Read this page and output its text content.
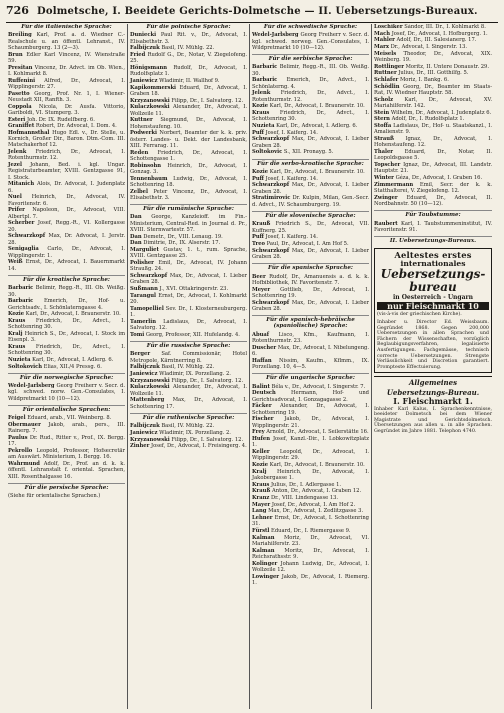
726 Dolmetsche, I. Beeidete Gerichts-Dolmetsche — II. Uebersetzungs-Bureaux.
Für die italienische Sprache:
Breiling Karl, Prof. a. d. Wiedner C.-Realschule u. an öffentl. Lehranst., IV. Schaumburgerg. 13 (2—3).
Brun Edler Karl Vincenz, IV. Wienstraße 59.
Presitan Vincenz, Dr. Advct. im Ob. Wien., I. Kohlmarkt 8.
Ruffenini Alfred, Dr., Advocat, I. Wipplingerstr. 27.
Pasetto Georg, Prof. Nr. 1, I. Wiener-Neustadt XII, Ranfth. 3.
Coppola Nicola, Dr. Ausfa. Vittorio, Gariboldi, VI. Stumperg. 3.
Esteri Joh. Dr. IX. Rudelfberg. 6.
Graniffet Robert, Dr. Advocat, I. Dom. 4.
Hofmannsthal Hugo Edl. v., Dr. Stelle, u. Kornich, Großer Dir., Baron. Dtm.-Com. III. Matschakerhof 12.
Jelenk Friedrich, Dr., Advocat, I. Rotenthurmstr. 12.
Jezel Johann, Bed. i. kgl. Ungar. Registraturbeamter, XVIII. Gentzgasse 91, I. Stock.
Mitanich Alois, Dr. Advocat, I. Judenplatz 6.
Nuel Heinrich, Dr., Advocat, IV. Favoritenstr. 6.
Prifer Napoleon, Dr., Advocat, VIII. Albertpl. 7.
Scherber Josef, Regg.-R., VI. Kollergasse 20.
Schwarzkopf Max, Dr. Advocat, I. Jerstr. 28.
Senigaglia Carlo, Dr., Advocat, I. Wipplingerstr. 1.
Weiß Ernst, Dr., Advocat, I. Bauernmarkt 14.
Für die kroatische Sprache:
Barbaric Belimir, Regg.-R., III. Ob. Weißg. 30.
Barbaric Emerich, Dr., Hof- u. Gerichtsadv., I. Schönlaterngasse 4.
Kozie Karl, Dr., Advocat, I. Braunerstr. 10.
Kraus Friedrich, Dr., Advct., I. Schottenring 30.
Kralj Heinrich S., Dr., Advocat, I. Stock im Eisenpl. 3.
Kraus Friedrich, Dr., Advct., I. Schottenring 30.
Nuzieta Karl, Dr., Advocat, I. Adlerg. 6.
Soltokovich Elias, XII./4 Pressg. 6.
Für die norwegische Sprache:
Wedel-Jarlsberg Georg Freiherr v. Secr. d. kgl. schwed. norw. Gen.-Consulates, I. Wildpretmarkt 10 (10—12).
Für orientalische Sprachen:
Feigel Eduard, arab., VII. Weinberg. 8.
Obermauer Jakob, arab., pers., III. Rainerg. 7.
Paulus Dr. Rud., Ritter v., Prof., IX. Bergg. 17.
Pekrollo Leopold, Professor, Hofsecretär am Auswärt. Ministerium, I. Bergg. 16.
Wahrmund Adolf, Dr., Prof. an d. k. k. öffentl. Lehranstalt f. oriental. Sprachen, XIII. Rosenthalgasse 16.
Für die persische Sprache:
(Siehe für orientalische Sprachen.)
Für die polnische Sprache:
Duniecki Paul Rit. v., Dr., Advocat, I. Elisabethstr. 3.
Falbijczuk Basil, IV. Mühlg. 22.
Fried Rudolf G., Dr., Notar, V. Ziegelofeng. 25.
Hönigsmann Rudolf, Dr., Advocat, I. Rudolfsplatz 1.
Janiewicz Wladimir, II. Wallhof 9.
Kapikommerski Eduard, Dr., Advocat, I. Graben 18.
Krzyzanowski Filipp, Dr., I. Salvatorg. 12.
Kulaczkowski Alexander, Dr., Advocat, I. Wollzeile 11.
Kuttner Siegmund, Dr., Advocat, I. Hohenstaufeng. 10.
Podwerki Norbert, Beamter der k. k. priv. österr. Landes- u. Dekt. der Landesbank, XIII. Ferrarag. 11.
Reden Friedrich, Dr., Advocat, I. Schottengasse 1.
Robinsohn Heinrich, Dr., Advocat, I. Gonzag. 3.
Tennenbaum Ludwig, Dr., Advocat, I. Schottenring 18.
Zelbel Peter Vincenz, Dr., Advocat, I. Elisabethstr. 3.
Für die rumänische Sprache:
Dan George, Kanzleioff. im Fin.-Ministerium, Central-Red. in Journal d. Pr., XVIII. Sternwartestr. 57.
Dan Demetr., Dr., VIII. Lenaug. 19.
Dan Dimitrie, Dr., IX. Alserstr. 17.
Marguliet Gustav, 1. t., rum. Sprache, XVIII. Gentzgasse 25.
Polisher Emil, Dr., Advocat, IV. Johann Straußg. 24.
Schwarzkopf Max, Dr., Advocat, I. Lieber Graben 28.
Sußmann J., XVI. Ottakringerstr. 23.
Tarangul Ernst, Dr., Advocat, I. Kohlmarkt 20.
Tamopelliel Sev. Dr., I. Klosterneuburgerg. 1.
Tamerlin Ladislaus, Dr., Advocat, I. Salvatorg. 12.
Tomi Georg, Professor, XII. Hufelandg. 4.
Für die russische Sprache:
Berger Saf. Commissionär, Hotel Metropole, Kärntnerring 8.
Falbijczuk Basil, IV. Mühlg. 22.
Janiewicz Wladimir, IX. Porzellang. 2.
Krzyzanowski Filipp, Dr., I. Salvatorg. 12.
Kulaczkowski Alexander, Dr., Advocat, I. Wollzeile 11.
Mattenberg Max, Dr., Advocat, I. Schottenring 17.
Für die ruthenische Sprache:
Falbijczuk Basil, IV. Mühlg. 22.
Janiewicz Wladimir, IX. Porzellang. 2.
Krzyzanowski Filipp, Dr., I. Salvatorg. 12.
Zinher Josef, Dr., Advocat, I. Freisingerg. 4.
Für die schwedische Sprache:
Wedel-Jarlsberg Georg Freiherr v. Secr. d. kgl. schwed. norweg. Gen.-Consulates, I. Wildpretmarkt 10 (10—12).
Für die serbische Sprache:
Barbaric Belimir, Regg.-R., III. Ob. Weißg. 30.
Barbaric Emerich, Dr., Advct., I. Schönlaterng. 4.
Jelenk Friedrich, Dr., Advct., I. Rotenthurmstr. 12.
Kozie Karl, Dr., Advocat, I. Braunerstr. 10.
Kraus Friedrich, Dr., Advct., I. Schottenring 30.
Nuzieta Karl, Dr., Advocat, I. Adlerg. 6.
Puff Josef, I. Kaiferg. 14.
Schwarzkopf Max, Dr., Advocat, I. Lieber Graben 28.
Soltokovic S., XII. Pronayg. 5.
Für die serbo-kroatische Sprache:
Kozie Karl, Dr., Advocat, I. Braunerstr. 10.
Puff Josef, I. Kaiferg. 14.
Schwarzkopf Max, Dr., Advocat, I. Lieber Graben 28.
Stratimirovic Dr. Kulpin, Milan, Gen.-Secr. d. Advct., IV. Schaumburgerg. 19.
Für die slovenische Sprache:
Krauß Friedrich S., Dr., Advocat, VII. Kuffnerg. 25.
Puff Josef, I. Kaiferg. 14.
Treo Paul, Dr., Advocat, I. Am Hof 5.
Schwarzkopf Max, Dr., Advocat, I. Lieber Graben 28.
Für die spanische Sprache:
Beer Rudolf, Dr., Amanuensis a. d. k. k. Hofbibliothek, IV. Favoritenstr. 7.
Meyer Gottlieb, Dr., Advocat, I. Schottenring 19.
Schwarzkopf Max, Dr., Advocat, I. Lieber Graben 28.
Für die spanisch-hebräische (spaniolische) Sprache:
Abuaf Lisco, Kfm., Kaufmann, I. Rotenthurmstr. 23.
Duscher Max, Dr., Advocat, I. Nibelungeng. 6.
Haffan Nissim, Kaufm., Kflmm., IX. Porzellang. 10, 4—5.
Für die ungarische Sprache:
Balint Béla v., Dr., Advocat, I. Singerstr. 7.
Deutsch	Hermann, Hof- und Gerichtsadvocat, I. Gonzagagasse 2.
Fäcker Alexander, Dr., Advocat, I. Schottenring 19.
Fischer Jakob, Dr., Advocat, I. Wipplingerstr. 21.
Frey Arnold, Dr., Advocat, I. Seilerstätte 16.
Hufen Josef, Kanzl.-Dir., I. Lobkowitzplatz 1.
Keller Leopold, Dr., Advocat, I. Wipplingerstr. 29.
Kozie Karl, Dr., Advocat, I. Braunerstr. 10.
Kralj Heinrich, Dr., Advocat, I. Jakobergasse 1.
Kraus Julius, Dr., I. Adlergasse 1.
Krauß Anton, Dr., Advocat, I. Graben 12.
Kranz Dr., VIII. Lindengasse 13.
Mayer Josef, Dr., Advocat, I. Am Hof 2.
Lang Max, Dr., Advocat, I. Zedlitzgasse 3.
Lehner Ernst, Dr., Advocat, I. Schottenring 31.
Fürstl Eduard, Dr., I. Riemergasse 9.
Kalman Moriz, Dr., Advocat, VI. Mariahilferstr. 23.
Kalman Moritz, Dr., Advocat, I. Reichsrathsstr. 9.
Kolinger Johann Ludwig, Dr., Advocat, I. Wollzeile 12.
Lowinger Jakob, Dr., Advocat, I. Riemerg. 1.
Loschiker Sándor, III. Dr., I. Kohlmarkt 8.
Mach Josef, Dr., Advocat, I. Hofburgerg. 1.
Mahler Adolf, Dr., III. Salesianerg. 17.
Marx Dr., Advocat, I. Singerstr. 13.
Meisels Theodor, Dr., Advocat, XIX. Weinberg. 19.
Rottlinger Moritz, II. Untere Donaustr. 29.
Ruttner Julius, Dr., III. Gotthilfg. 5.
Schlafer Moriz, I. Bankg. 6.
Schödlin Georg, Dr., Beamter im Staats-Rat, IV. Wiedner Hauptstr. 58.
Scholz Karl, Dr., Advocat, XV. Mariahilferstr. 142.
Stein Wilhelm, Dr., Advocat, I. Judenplatz 6.
Stern Adolf, Dr., I. Rudolfsplatz 1.
Stoffa Ladislaus, Dr., Hof- u. Staatskanzl., I. Amalienstr. 9.
Strauß Ignaz, Dr., Advocat, I. Hohenstaufeng. 12.
Thaler Eduard, Dr., Notar, II. Leopoldsgasse 5.
Topscher Ignaz, Dr., Advocat, III. Landstr. Hauptstr. 21.
Winter Géza, Dr., Advocat, I. Graben 16.
Zimmermann Emil, Secr. der k. k. Statthalterei, V. Ziegelofeng. 12.
Zwinger Eduard, Dr., Advocat, II. Nordbahnstr. 50 (10—12).
Für Taubstumme:
Raubert Karl, I. Taubstummeninstitut, IV. Favoritenstr. 91.
II. Uebersetzungs-Bureaux.
Aeltestes erstes
internationales
Uebersetzungs-
bureau
in Oesterreich - Ungarn
nur Fleischmarkt 10
(vis-à-vis der griechischen Kirche).
Inhaber u. Director Ed. Weissbaum. Gegründet 1868. Gegen 200,000 Uebersetzungen in allen Sprachen und Fächern der Wissenschaften, vorzüglich Beglaubigungsverfahren, legalisierte Ausfertigungen. Fachgemässe, technisch correcte Uebersetzungen. Strengste Verlässlichkeit und Discretion garantiert. Prompteste Effectuierung.
Allgemeines
Uebersetzungs-Bureau.
I. Fleischmarkt 1.
Inhaber Karl Kalus, I. Sprachenkenntnisse, beeideter Dolmetsch bei dem Wiener Magistrate und Gerichtsdolmetsch. Übersetzungen aus allen u. in alle Sprachen. Gegründet im Jahre 1881. Telephon 4740.
